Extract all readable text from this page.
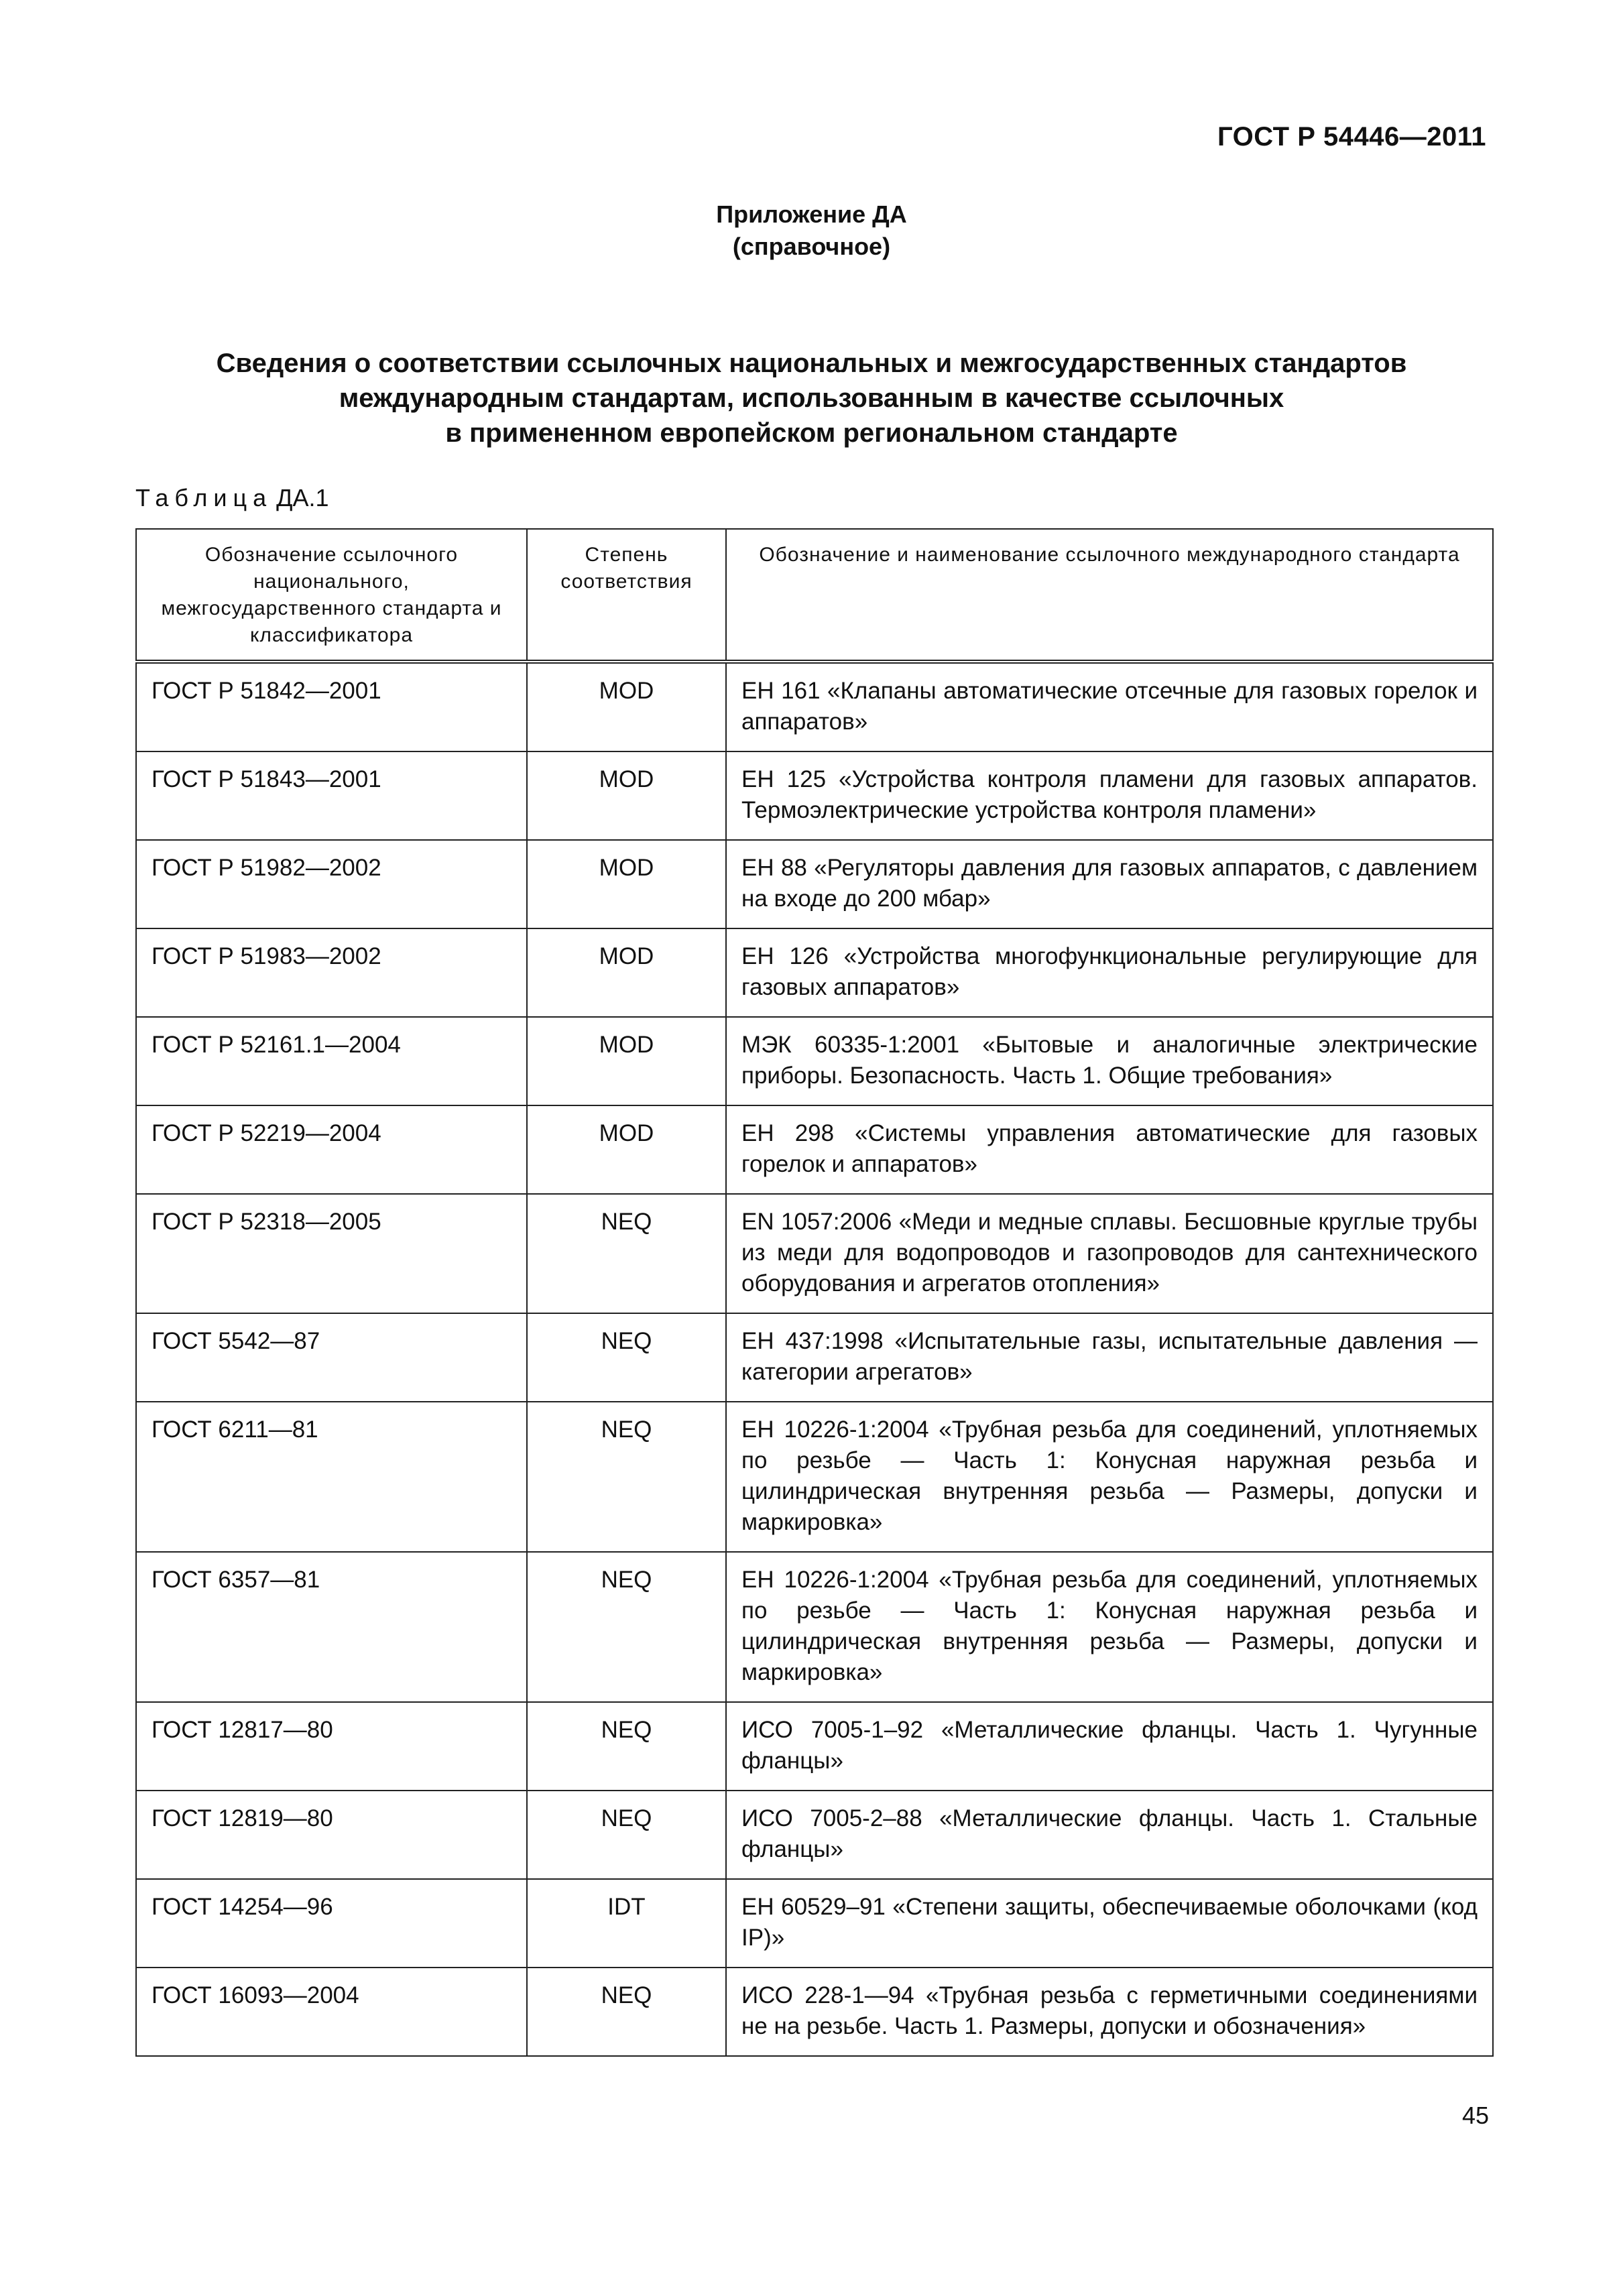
ГОСТ Р 54446—2011
Приложение ДА
(справочное)
Сведения о соответствии ссылочных национальных и межгосударственных стандартов
международным стандартам, использованным в качестве ссылочных
в примененном европейском региональном стандарте
Таблица ДА.1
Обозначение ссылочного национального, межгосударственного стандарта и классификатора	Степень соответствия	Обозначение и наименование ссылочного международного стандарта
ГОСТ Р 51842—2001	MOD	ЕН 161 «Клапаны автоматические отсечные для газовых горелок и аппаратов»
ГОСТ Р 51843—2001	MOD	ЕН 125 «Устройства контроля пламени для газовых аппаратов. Термоэлектрические устройства контроля пламени»
ГОСТ Р 51982—2002	MOD	ЕН 88 «Регуляторы давления для газовых аппаратов, с давлением на входе до 200 мбар»
ГОСТ Р 51983—2002	MOD	ЕН 126 «Устройства многофункциональные регулирующие для газовых аппаратов»
ГОСТ Р 52161.1—2004	MOD	МЭК 60335-1:2001 «Бытовые и аналогичные электрические приборы. Безопасность. Часть 1. Общие требования»
ГОСТ Р 52219—2004	MOD	ЕН 298 «Системы управления автоматические для газовых горелок и аппаратов»
ГОСТ Р 52318—2005	NEQ	EN 1057:2006 «Меди и медные сплавы. Бесшовные круглые трубы из меди для водопроводов и газопроводов для сантехнического оборудования и агрегатов отопления»
ГОСТ 5542—87	NEQ	ЕН 437:1998 «Испытательные газы, испытательные давления — категории агрегатов»
ГОСТ 6211—81	NEQ	ЕН 10226-1:2004 «Трубная резьба для соединений, уплотняемых по резьбе — Часть 1: Конусная наружная резьба и цилиндрическая внутренняя резьба — Размеры, допуски и маркировка»
ГОСТ 6357—81	NEQ	ЕН 10226-1:2004 «Трубная резьба для соединений, уплотняемых по резьбе — Часть 1: Конусная наружная резьба и цилиндрическая внутренняя резьба — Размеры, допуски и маркировка»
ГОСТ 12817—80	NEQ	ИСО 7005-1–92 «Металлические фланцы. Часть 1. Чугунные фланцы»
ГОСТ 12819—80	NEQ	ИСО 7005-2–88 «Металлические фланцы. Часть 1. Стальные фланцы»
ГОСТ 14254—96	IDT	ЕН 60529–91 «Степени защиты, обеспечиваемые оболочками (код IP)»
ГОСТ 16093—2004	NEQ	ИСО 228-1—94 «Трубная резьба с герметичными соединениями не на резьбе. Часть 1. Размеры, допуски и обозначения»
45
